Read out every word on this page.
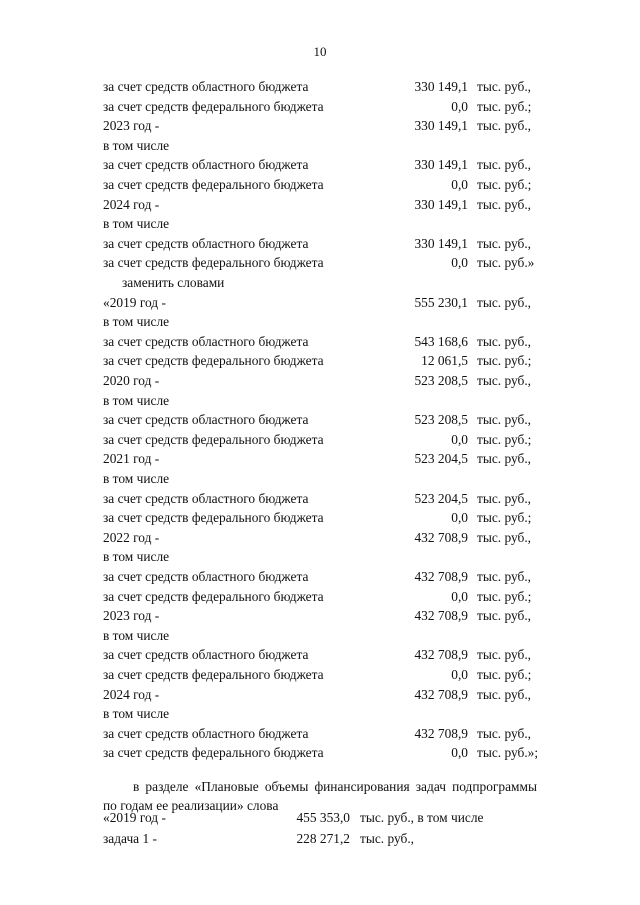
10
за счет средств областного бюджета	330 149,1 тыс. руб.,
за счет средств федерального бюджета	0,0 тыс. руб.;
2023 год -	330 149,1 тыс. руб.,
в том числе
за счет средств областного бюджета	330 149,1 тыс. руб.,
за счет средств федерального бюджета	0,0 тыс. руб.;
2024 год -	330 149,1 тыс. руб.,
в том числе
за счет средств областного бюджета	330 149,1 тыс. руб.,
за счет средств федерального бюджета	0,0 тыс. руб.»
заменить словами
«2019 год -	555 230,1 тыс. руб.,
в том числе
за счет средств областного бюджета	543 168,6 тыс. руб.,
за счет средств федерального бюджета	12 061,5 тыс. руб.;
2020 год -	523 208,5 тыс. руб.,
в том числе
за счет средств областного бюджета	523 208,5 тыс. руб.,
за счет средств федерального бюджета	0,0 тыс. руб.;
2021 год -	523 204,5 тыс. руб.,
в том числе
за счет средств областного бюджета	523 204,5 тыс. руб.,
за счет средств федерального бюджета	0,0 тыс. руб.;
2022 год -	432 708,9 тыс. руб.,
в том числе
за счет средств областного бюджета	432 708,9 тыс. руб.,
за счет средств федерального бюджета	0,0 тыс. руб.;
2023 год -	432 708,9 тыс. руб.,
в том числе
за счет средств областного бюджета	432 708,9 тыс. руб.,
за счет средств федерального бюджета	0,0 тыс. руб.;
2024 год -	432 708,9 тыс. руб.,
в том числе
за счет средств областного бюджета	432 708,9 тыс. руб.,
за счет средств федерального бюджета	0,0 тыс. руб.»;

в разделе «Плановые объемы финансирования задач подпрограммы по годам ее реализации» слова

«2019 год -	455 353,0 тыс. руб., в том числе
задача 1 -	228 271,2 тыс. руб.,
